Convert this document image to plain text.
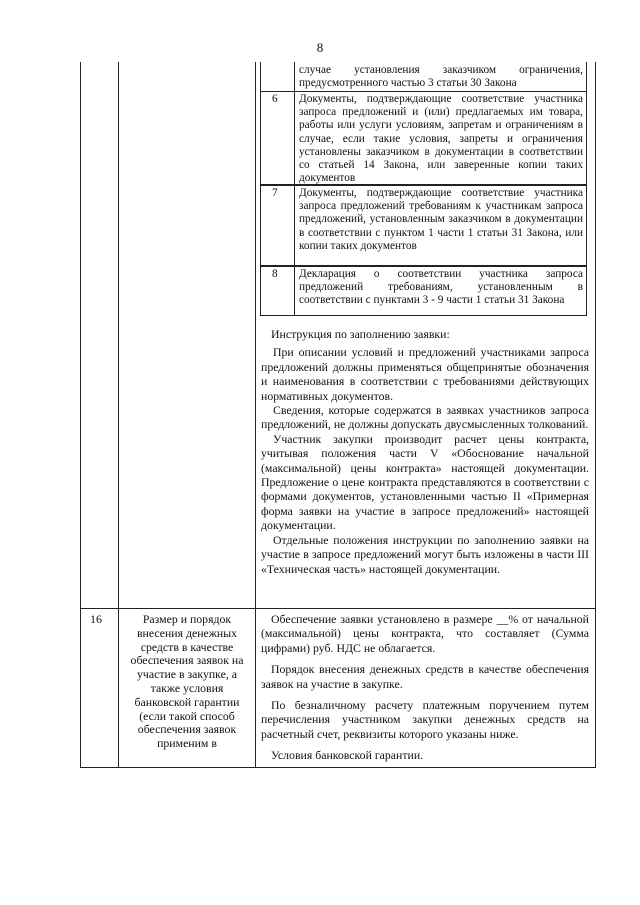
8
случае установления заказчиком ограничения, предусмотренного частью 3 статьи 30 Закона
6 Документы, подтверждающие соответствие участника запроса предложений и (или) предлагаемых им товара, работы или услуги условиям, запретам и ограничениям в случае, если такие условия, запреты и ограничения установлены заказчиком в документации в соответствии со статьей 14 Закона, или заверенные копии таких документов
7 Документы, подтверждающие соответствие участника запроса предложений требованиям к участникам запроса предложений, установленным заказчиком в документации в соответствии с пунктом 1 части 1 статьи 31 Закона, или копии таких документов
8 Декларация о соответствии участника запроса предложений требованиям, установленным в соответствии с пунктами 3 - 9 части 1 статьи 31 Закона

Инструкция по заполнению заявки:

При описании условий и предложений участниками запроса предложений должны применяться общепринятые обозначения и наименования в соответствии с требованиями действующих нормативных документов.

Сведения, которые содержатся в заявках участников запроса предложений, не должны допускать двусмысленных толкований.

Участник закупки производит расчет цены контракта, учитывая положения части V «Обоснование начальной (максимальной) цены контракта» настоящей документации. Предложение о цене контракта представляются в соответствии с формами документов, установленными частью II «Примерная форма заявки на участие в запросе предложений» настоящей документации.

Отдельные положения инструкции по заполнению заявки на участие в запросе предложений могут быть изложены в части III «Техническая часть» настоящей документации.

16	Размер и порядок внесения денежных средств в качестве обеспечения заявок на участие в закупке, а также условия банковской гарантии (если такой способ обеспечения заявок применим в

Обеспечение заявки установлено в размере __% от начальной (максимальной) цены контракта, что составляет (Сумма цифрами) руб. НДС не облагается.

Порядок внесения денежных средств в качестве обеспечения заявок на участие в закупке.

По безналичному расчету платежным поручением путем перечисления участником закупки денежных средств на расчетный счет, реквизиты которого указаны ниже.

Условия банковской гарантии.
